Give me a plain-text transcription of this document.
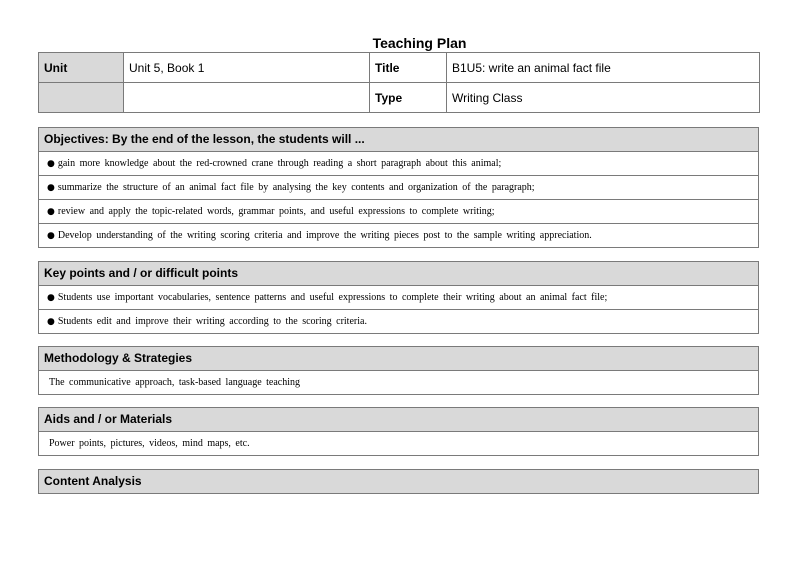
Teaching Plan
Unit	Unit 5, Book 1	Title	B1U5: write an animal fact file
		Type	Writing Class
Objectives: By the end of the lesson, the students will ...
● gain more knowledge about the red-crowned crane through reading a short paragraph about this animal;
● summarize the structure of an animal fact file by analysing the key contents and organization of the paragraph;
● review and apply the topic-related words, grammar points, and useful expressions to complete writing;
● Develop understanding of the writing scoring criteria and improve the writing pieces post to the sample writing appreciation.
Key points and / or difficult points
● Students use important vocabularies, sentence patterns and useful expressions to complete their writing about an animal fact file;
● Students edit and improve their writing according to the scoring criteria.
Methodology & Strategies
The communicative approach, task-based language teaching
Aids and / or Materials
Power points, pictures, videos, mind maps, etc.
Content Analysis
